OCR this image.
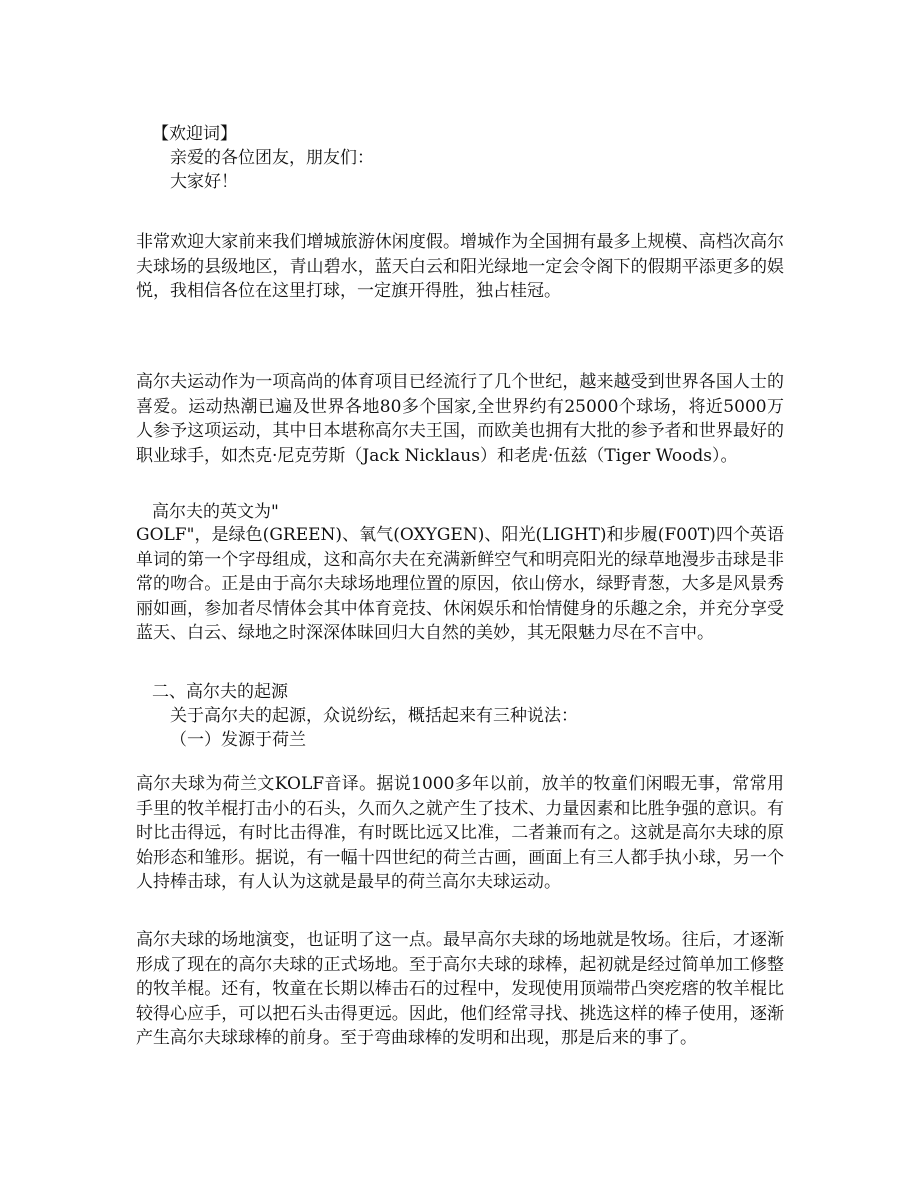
【欢迎词】

亲爱的各位团友，朋友们：

大家好！

非常欢迎大家前来我们增城旅游休闲度假。增城作为全国拥有最多上规模、高档次高尔夫球场的县级地区，青山碧水，蓝天白云和阳光绿地一定会令阁下的假期平添更多的娱悦，我相信各位在这里打球，一定旗开得胜，独占桂冠。

高尔夫运动作为一项高尚的体育项目已经流行了几个世纪，越来越受到世界各国人士的喜爱。运动热潮已遍及世界各地80多个国家,全世界约有25000个球场，将近5000万人参予这项运动，其中日本堪称高尔夫王国，而欧美也拥有大批的参予者和世界最好的职业球手，如杰克·尼克劳斯（Jack Nicklaus）和老虎·伍兹（Tiger Woods）。

高尔夫的英文为"

GOLF"，是绿色(GREEN)、氧气(OXYGEN)、阳光(LIGHT)和步履(F00T)四个英语单词的第一个字母组成，这和高尔夫在充满新鲜空气和明亮阳光的绿草地漫步击球是非常的吻合。正是由于高尔夫球场地理位置的原因，依山傍水，绿野青葱，大多是风景秀丽如画，参加者尽情体会其中体育竞技、休闲娱乐和怡情健身的乐趣之余，并充分享受蓝天、白云、绿地之时深深体昧回归大自然的美妙，其无限魅力尽在不言中。

二、高尔夫的起源

关于高尔夫的起源，众说纷纭，概括起来有三种说法：

（一）发源于荷兰

高尔夫球为荷兰文KOLF音译。据说1000多年以前，放羊的牧童们闲暇无事，常常用手里的牧羊棍打击小的石头，久而久之就产生了技术、力量因素和比胜争强的意识。有时比击得远，有时比击得准，有时既比远又比准，二者兼而有之。这就是高尔夫球的原始形态和雏形。据说，有一幅十四世纪的荷兰古画，画面上有三人都手执小球，另一个人持棒击球，有人认为这就是最早的荷兰高尔夫球运动。

高尔夫球的场地演变，也证明了这一点。最早高尔夫球的场地就是牧场。往后，才逐渐形成了现在的高尔夫球的正式场地。至于高尔夫球的球棒，起初就是经过简单加工修整的牧羊棍。还有，牧童在长期以棒击石的过程中，发现使用顶端带凸突疙瘩的牧羊棍比较得心应手，可以把石头击得更远。因此，他们经常寻找、挑选这样的棒子使用，逐渐产生高尔夫球球棒的前身。至于弯曲球棒的发明和出现，那是后来的事了。
